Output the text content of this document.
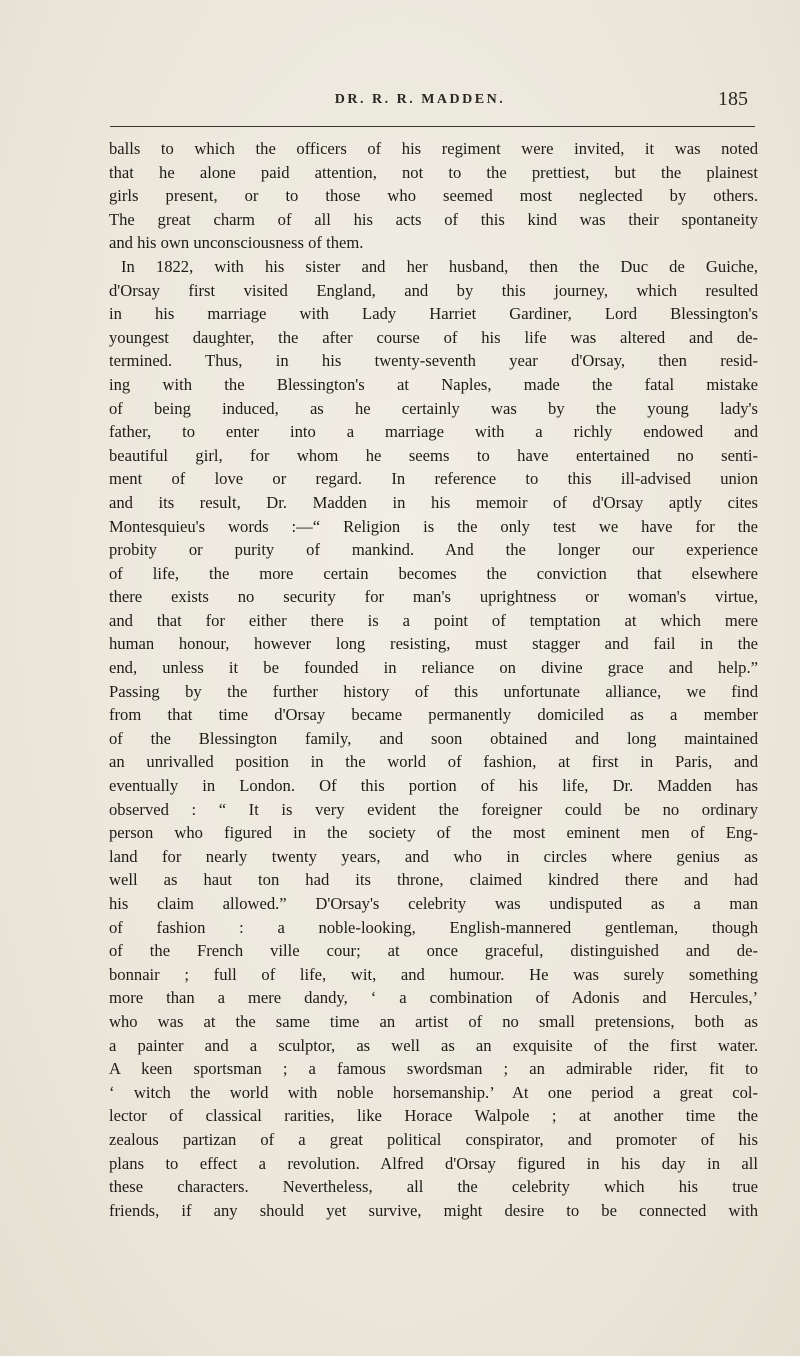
DR. R. R. MADDEN.	185
balls to which the officers of his regiment were invited, it was noted
that he alone paid attention, not to the prettiest, but the plainest
girls present, or to those who seemed most neglected by others.
The great charm of all his acts of this kind was their spontaneity
and his own unconsciousness of them.
In 1822, with his sister and her husband, then the Duc de Guiche,
d'Orsay first visited England, and by this journey, which resulted
in his marriage with Lady Harriet Gardiner, Lord Blessington's
youngest daughter, the after course of his life was altered and de-
termined. Thus, in his twenty-seventh year d'Orsay, then resid-
ing with the Blessington's at Naples, made the fatal mistake
of being induced, as he certainly was by the young lady's
father, to enter into a marriage with a richly endowed and
beautiful girl, for whom he seems to have entertained no senti-
ment of love or regard. In reference to this ill-advised union
and its result, Dr. Madden in his memoir of d'Orsay aptly cites
Montesquieu's words :—“ Religion is the only test we have for the
probity or purity of mankind. And the longer our experience
of life, the more certain becomes the conviction that elsewhere
there exists no security for man's uprightness or woman's virtue,
and that for either there is a point of temptation at which mere
human honour, however long resisting, must stagger and fail in the
end, unless it be founded in reliance on divine grace and help.”
Passing by the further history of this unfortunate alliance, we find
from that time d'Orsay became permanently domiciled as a member
of the Blessington family, and soon obtained and long maintained
an unrivalled position in the world of fashion, at first in Paris, and
eventually in London. Of this portion of his life, Dr. Madden has
observed : “ It is very evident the foreigner could be no ordinary
person who figured in the society of the most eminent men of Eng-
land for nearly twenty years, and who in circles where genius as
well as haut ton had its throne, claimed kindred there and had
his claim allowed.” D'Orsay's celebrity was undisputed as a man
of fashion : a noble-looking, English-mannered gentleman, though
of the French ville cour; at once graceful, distinguished and de-
bonnair ; full of life, wit, and humour. He was surely something
more than a mere dandy, ‘ a combination of Adonis and Hercules,’
who was at the same time an artist of no small pretensions, both as
a painter and a sculptor, as well as an exquisite of the first water.
A keen sportsman ; a famous swordsman ; an admirable rider, fit to
‘ witch the world with noble horsemanship.’ At one period a great col-
lector of classical rarities, like Horace Walpole ; at another time the
zealous partizan of a great political conspirator, and promoter of his
plans to effect a revolution. Alfred d'Orsay figured in his day in all
these characters. Nevertheless, all the celebrity which his true
friends, if any should yet survive, might desire to be connected with
